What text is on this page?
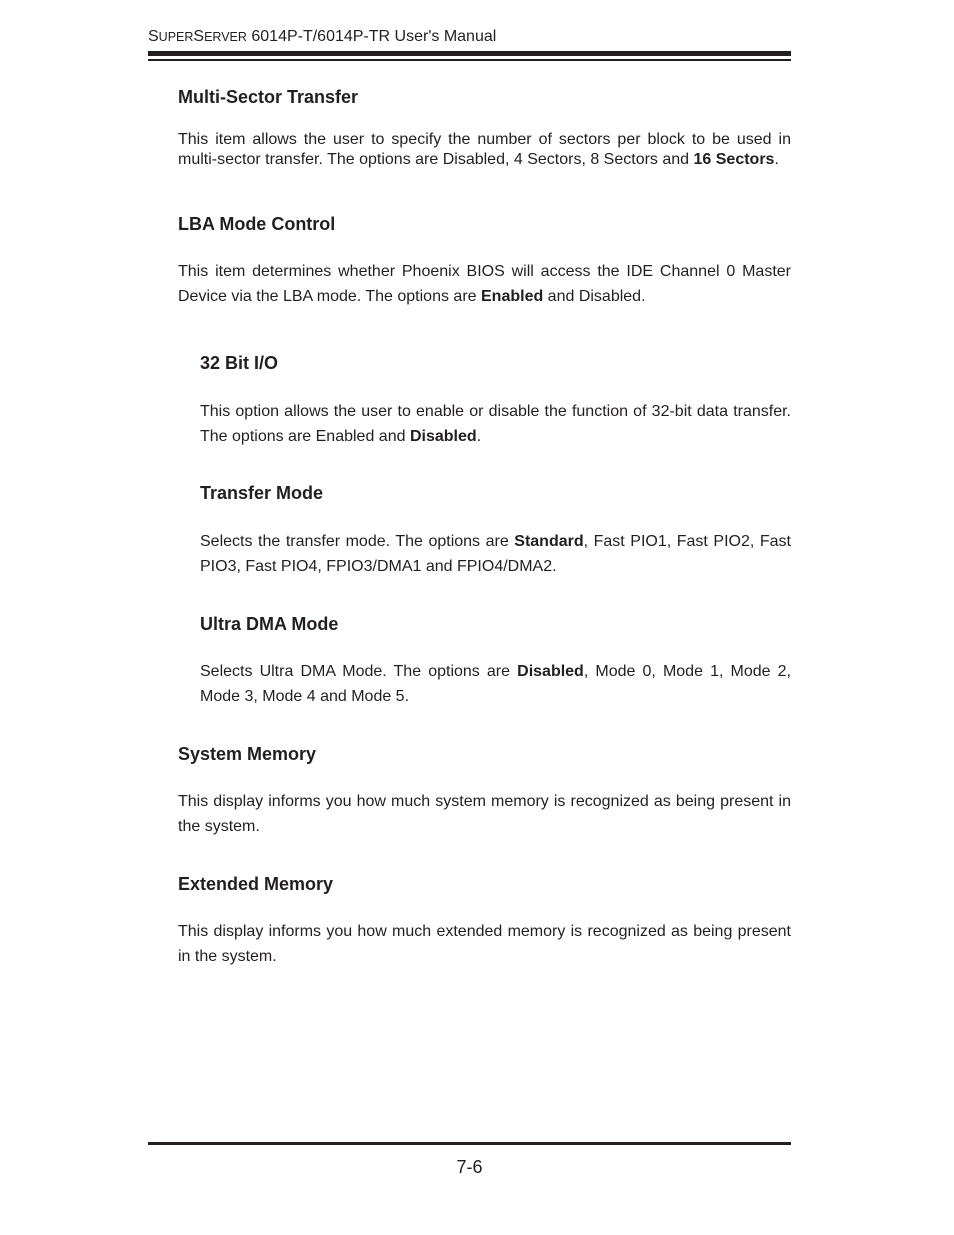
SUPERSERVER 6014P-T/6014P-TR User's Manual
Multi-Sector Transfer
This item allows the user to specify the number of sectors per block to be used in multi-sector transfer. The options are Disabled, 4 Sectors, 8 Sectors and 16 Sectors.
LBA Mode Control
This item determines whether Phoenix BIOS will access the IDE Channel 0 Master Device via the LBA mode. The options are Enabled and Disabled.
32 Bit I/O
This option allows the user to enable or disable the function of 32-bit data transfer. The options are Enabled and Disabled.
Transfer Mode
Selects the transfer mode. The options are Standard, Fast PIO1, Fast PIO2, Fast PIO3, Fast PIO4, FPIO3/DMA1 and FPIO4/DMA2.
Ultra DMA Mode
Selects Ultra DMA Mode. The options are Disabled, Mode 0, Mode 1, Mode 2, Mode 3, Mode 4 and Mode 5.
System Memory
This display informs you how much system memory is recognized as being present in the system.
Extended Memory
This display informs you how much extended memory is recognized as being present in the system.
7-6
